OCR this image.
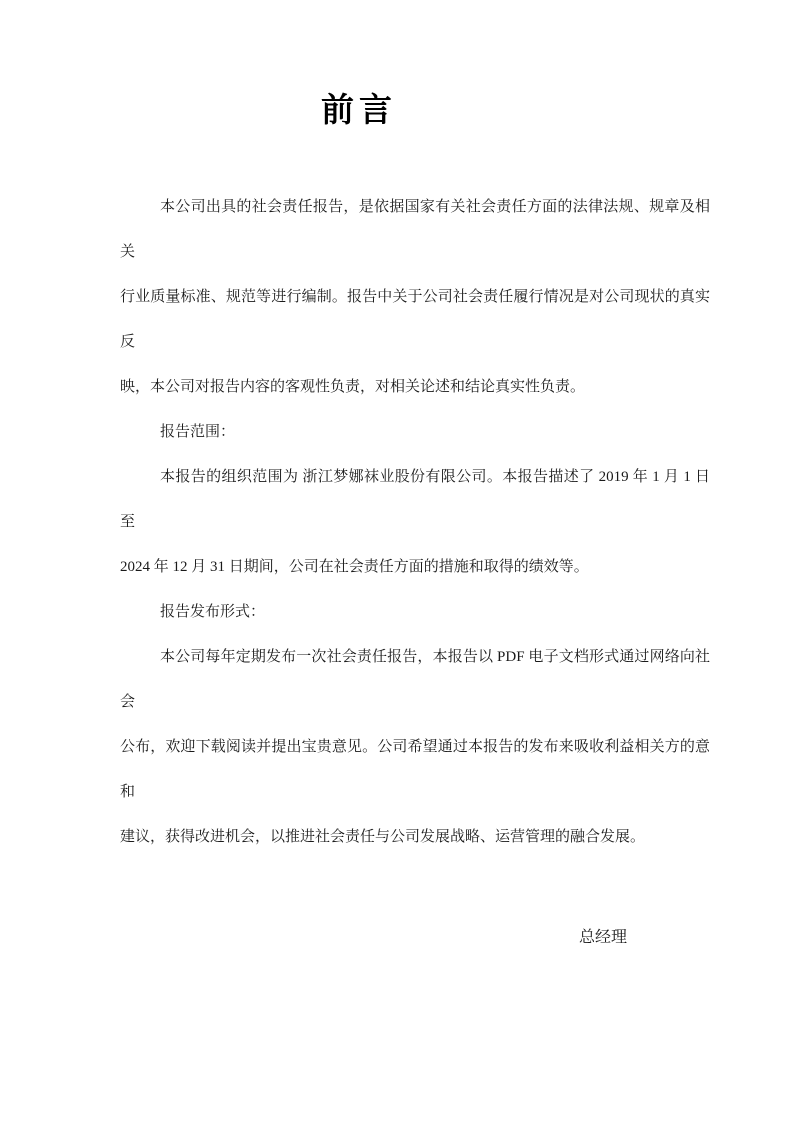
前言
本公司出具的社会责任报告，是依据国家有关社会责任方面的法律法规、规章及相关
行业质量标准、规范等进行编制。报告中关于公司社会责任履行情况是对公司现状的真实反
映，本公司对报告内容的客观性负责，对相关论述和结论真实性负责。
报告范围：
本报告的组织范围为 浙江梦娜袜业股份有限公司。本报告描述了 2019 年 1 月 1 日至
2024 年 12 月 31 日期间，公司在社会责任方面的措施和取得的绩效等。
报告发布形式：
本公司每年定期发布一次社会责任报告，本报告以 PDF 电子文档形式通过网络向社会
公布，欢迎下载阅读并提出宝贵意见。公司希望通过本报告的发布来吸收利益相关方的意和
建议，获得改进机会，以推进社会责任与公司发展战略、运营管理的融合发展。
总经理
